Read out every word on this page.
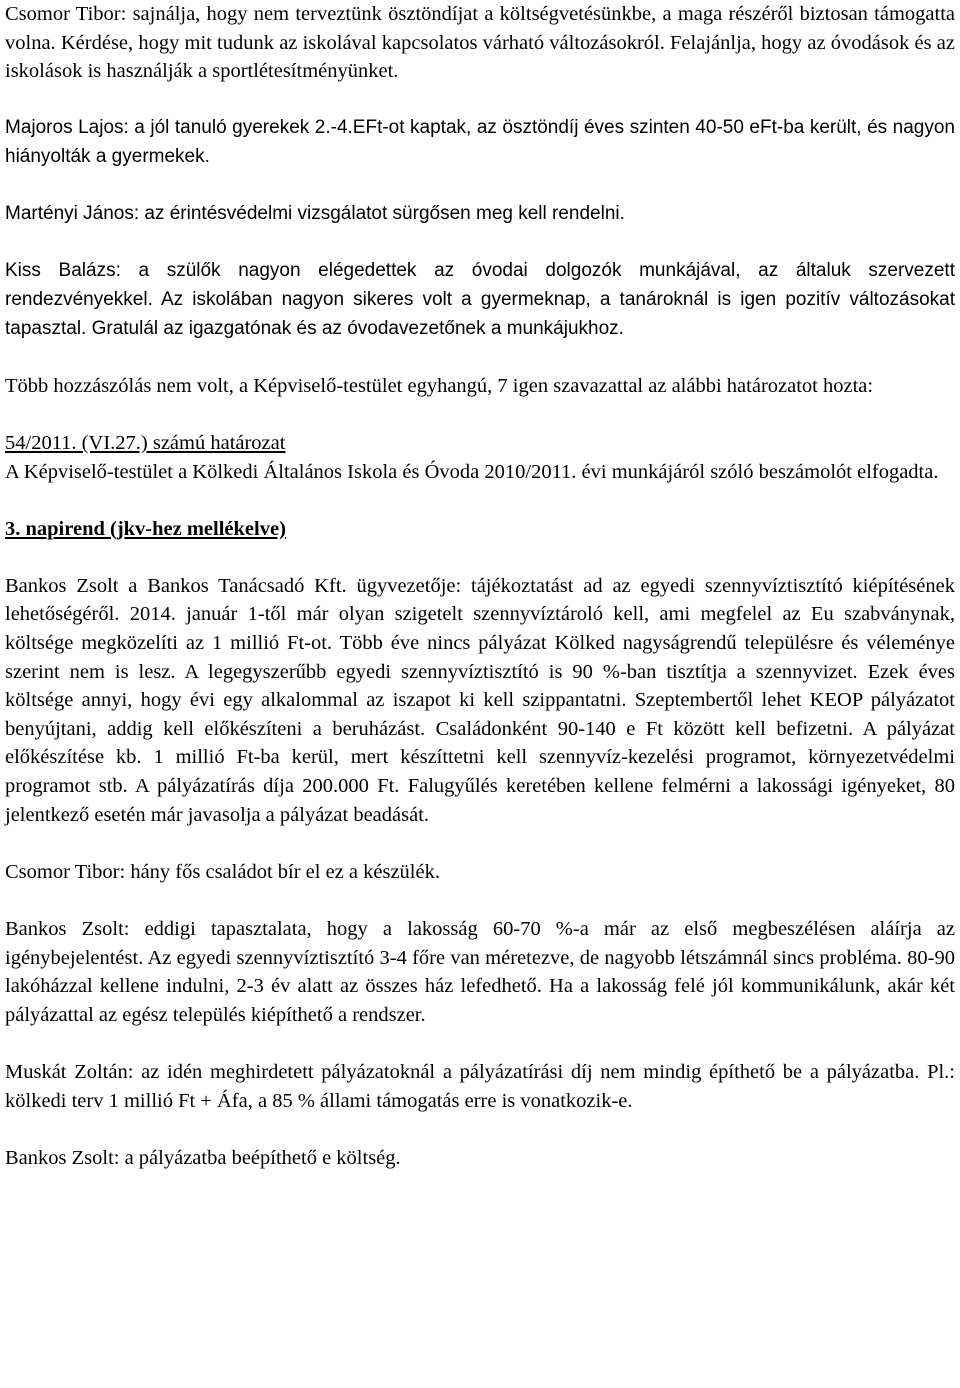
Csomor Tibor: sajnálja, hogy nem terveztünk ösztöndíjat a költségvetésünkbe, a maga részéről biztosan támogatta volna. Kérdése, hogy mit tudunk az iskolával kapcsolatos várható változásokról. Felajánlja, hogy az óvodások és az iskolások is használják a sportlétesítményünket.

Majoros Lajos: a jól tanuló gyerekek 2.-4.EFt-ot kaptak, az ösztöndíj éves szinten 40-50 eFt-ba került, és nagyon hiányolták a gyermekek.

Martényi János: az érintésvédelmi vizsgálatot sürgősen meg kell rendelni.

Kiss Balázs: a szülők nagyon elégedettek az óvodai dolgozók munkájával, az általuk szervezett rendezvényekkel. Az iskolában nagyon sikeres volt a gyermeknap, a tanároknál is igen pozitív változásokat tapasztal. Gratulál az igazgatónak és az óvodavezetőnek a munkájukhoz.

Több hozzászólás nem volt, a Képviselő-testület egyhangú, 7 igen szavazattal az alábbi határozatot hozta:

54/2011. (VI.27.) számú határozat

A Képviselő-testület a Kölkedi Általános Iskola és Óvoda 2010/2011. évi munkájáról szóló beszámolót elfogadta.

3. napirend (jkv-hez mellékelve)

Bankos Zsolt a Bankos Tanácsadó Kft. ügyvezetője: tájékoztatást ad az egyedi szennyvíztisztító kiépítésének lehetőségéről. 2014. január 1-től már olyan szigetelt szennyvíztároló kell, ami megfelel az Eu szabványnak, költsége megközelíti az 1 millió Ft-ot. Több éve nincs pályázat Kölked nagyságrendű településre és véleménye szerint nem is lesz. A legegyszerűbb egyedi szennyvíztisztító is 90 %-ban tisztítja a szennyvizet. Ezek éves költsége annyi, hogy évi egy alkalommal az iszapot ki kell szippantatni. Szeptembertől lehet KEOP pályázatot benyújtani, addig kell előkészíteni a beruházást. Családonként 90-140 e Ft között kell befizetni. A pályázat előkészítése kb. 1 millió Ft-ba kerül, mert készíttetni kell szennyvíz-kezelési programot, környezetvédelmi programot stb. A pályázatírás díja 200.000 Ft. Falugyűlés keretében kellene felmérni a lakossági igényeket, 80 jelentkező esetén már javasolja a pályázat beadását.

Csomor Tibor: hány fős családot bír el ez a készülék.

Bankos Zsolt: eddigi tapasztalata, hogy a lakosság 60-70 %-a már az első megbeszélésen aláírja az igénybejelentést. Az egyedi szennyvíztisztító 3-4 főre van méretezve, de nagyobb létszámnál sincs probléma. 80-90 lakóházzal kellene indulni, 2-3 év alatt az összes ház lefedhető. Ha a lakosság felé jól kommunikálunk, akár két pályázattal az egész település kiépíthető a rendszer.

Muskát Zoltán: az idén meghirdetett pályázatoknál a pályázatírási díj nem mindig építhető be a pályázatba. Pl.: kölkedi terv 1 millió Ft + Áfa, a 85 % állami támogatás erre is vonatkozik-e.

Bankos Zsolt: a pályázatba beépíthető e költség.
